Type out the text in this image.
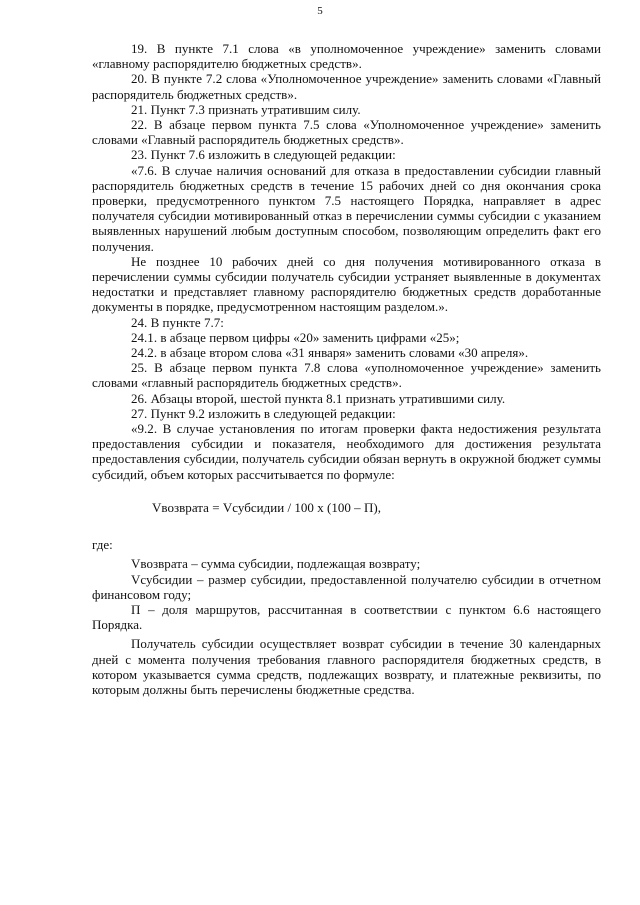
5

19. В пункте 7.1 слова «в уполномоченное учреждение» заменить словами «главному распорядителю бюджетных средств».

20. В пункте 7.2 слова «Уполномоченное учреждение» заменить словами «Главный распорядитель бюджетных средств».

21. Пункт 7.3 признать утратившим силу.

22. В абзаце первом пункта 7.5 слова «Уполномоченное учреждение» заменить словами «Главный распорядитель бюджетных средств».

23. Пункт 7.6 изложить в следующей редакции:

«7.6. В случае наличия оснований для отказа в предоставлении субсидии главный распорядитель бюджетных средств в течение 15 рабочих дней со дня окончания срока проверки, предусмотренного пунктом 7.5 настоящего Порядка, направляет в адрес получателя субсидии мотивированный отказ в перечислении суммы субсидии с указанием выявленных нарушений любым доступным способом, позволяющим определить факт его получения.

Не позднее 10 рабочих дней со дня получения мотивированного отказа в перечислении суммы субсидии получатель субсидии устраняет выявленные в документах недостатки и представляет главному распорядителю бюджетных средств доработанные документы в порядке, предусмотренном настоящим разделом.».

24. В пункте 7.7:

24.1. в абзаце первом цифры «20» заменить цифрами «25»;

24.2. в абзаце втором слова «31 января» заменить словами «30 апреля».

25. В абзаце первом пункта 7.8 слова «уполномоченное учреждение» заменить словами «главный распорядитель бюджетных средств».

26. Абзацы второй, шестой пункта 8.1 признать утратившими силу.

27. Пункт 9.2 изложить в следующей редакции:

«9.2. В случае установления по итогам проверки факта недостижения результата предоставления субсидии и показателя, необходимого для достижения результата предоставления субсидии, получатель субсидии обязан вернуть в окружной бюджет суммы субсидий, объем которых рассчитывается по формуле:

Vвозврата = Vсубсидии / 100 х (100 – П),

где:

Vвозврата – сумма субсидии, подлежащая возврату;

Vсубсидии – размер субсидии, предоставленной получателю субсидии в отчетном финансовом году;

П – доля маршрутов, рассчитанная в соответствии с пунктом 6.6 настоящего Порядка.

Получатель субсидии осуществляет возврат субсидии в течение 30 календарных дней с момента получения требования главного распорядителя бюджетных средств, в котором указывается сумма средств, подлежащих возврату, и платежные реквизиты, по которым должны быть перечислены бюджетные средства.
